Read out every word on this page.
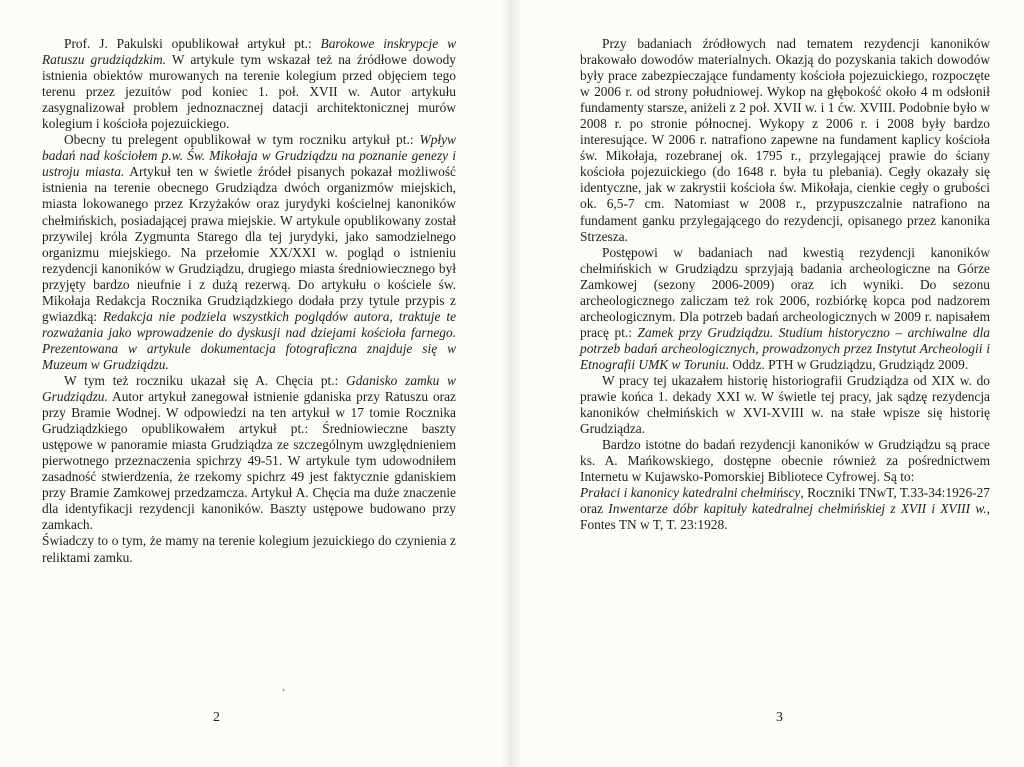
Prof. J. Pakulski opublikował artykuł pt.: Barokowe inskrypcje w Ratuszu grudziądzkim. W artykule tym wskazał też na źródłowe dowody istnienia obiektów murowanych na terenie kolegium przed objęciem tego terenu przez jezuitów pod koniec 1. poł. XVII w. Autor artykułu zasygnalizował problem jednoznacznej datacji architektonicznej murów kolegium i kościoła pojezuickiego.

Obecny tu prelegent opublikował w tym roczniku artykuł pt.: Wpływ badań nad kościołem p.w. Św. Mikołaja w Grudziądzu na poznanie genezy i ustroju miasta. Artykuł ten w świetle źródeł pisanych pokazał możliwość istnienia na terenie obecnego Grudziądza dwóch organizmów miejskich, miasta lokowanego przez Krzyżaków oraz jurydyki kościelnej kanoników chełmińskich, posiadającej prawa miejskie. W artykule opublikowany został przywilej króla Zygmunta Starego dla tej jurydyki, jako samodzielnego organizmu miejskiego. Na przełomie XX/XXI w. pogląd o istnieniu rezydencji kanoników w Grudziądzu, drugiego miasta średniowiecznego był przyjęty bardzo nieufnie i z dużą rezerwą. Do artykułu o kościele św. Mikołaja Redakcja Rocznika Grudziądzkiego dodała przy tytule przypis z gwiazdką: Redakcja nie podziela wszystkich poglądów autora, traktuje te rozważania jako wprowadzenie do dyskusji nad dziejami kościoła farnego. Prezentowana w artykule dokumentacja fotograficzna znajduje się w Muzeum w Grudziądzu.

W tym też roczniku ukazał się A. Chęcia pt.: Gdanisko zamku w Grudziądzu. Autor artykuł zanegował istnienie gdaniska przy Ratuszu oraz przy Bramie Wodnej. W odpowiedzi na ten artykuł w 17 tomie Rocznika Grudziądzkiego opublikowałem artykuł pt.: Średniowieczne baszty ustępowe w panoramie miasta Grudziądza ze szczególnym uwzględnieniem pierwotnego przeznaczenia spichrzy 49-51. W artykule tym udowodniłem zasadność stwierdzenia, że rzekomy spichrz 49 jest faktycznie gdaniskiem przy Bramie Zamkowej przedzamcza. Artykuł A. Chęcia ma duże znaczenie dla identyfikacji rezydencji kanoników. Baszty ustępowe budowano przy zamkach.

Świadczy to o tym, że mamy na terenie kolegium jezuickiego do czynienia z reliktami zamku.

2

Przy badaniach źródłowych nad tematem rezydencji kanoników brakowało dowodów materialnych. Okazją do pozyskania takich dowodów były prace zabezpieczające fundamenty kościoła pojezuickiego, rozpoczęte w 2006 r. od strony południowej. Wykop na głębokość około 4 m odsłonił fundamenty starsze, aniżeli z 2 poł. XVII w. i 1 ćw. XVIII. Podobnie było w 2008 r. po stronie północnej. Wykopy z 2006 r. i 2008 były bardzo interesujące. W 2006 r. natrafiono zapewne na fundament kaplicy kościoła św. Mikołaja, rozebranej ok. 1795 r., przylegającej prawie do ściany kościoła pojezuickiego (do 1648 r. była tu plebania). Cegły okazały się identyczne, jak w zakrystii kościoła św. Mikołaja, cienkie cegły o grubości ok. 6,5-7 cm. Natomiast w 2008 r., przypuszczalnie natrafiono na fundament ganku przylegającego do rezydencji, opisanego przez kanonika Strzesza.

Postępowi w badaniach nad kwestią rezydencji kanoników chełmińskich w Grudziądzu sprzyjają badania archeologiczne na Górze Zamkowej (sezony 2006-2009) oraz ich wyniki. Do sezonu archeologicznego zaliczam też rok 2006, rozbiórkę kopca pod nadzorem archeologicznym. Dla potrzeb badań archeologicznych w 2009 r. napisałem pracę pt.: Zamek przy Grudziądzu. Studium historyczno – archiwalne dla potrzeb badań archeologicznych, prowadzonych przez Instytut Archeologii i Etnografii UMK w Toruniu. Oddz. PTH w Grudziądzu, Grudziądz 2009.

W pracy tej ukazałem historię historiografii Grudziądza od XIX w. do prawie końca 1. dekady XXI w. W świetle tej pracy, jak sądzę rezydencja kanoników chełmińskich w XVI-XVIII w. na stałe wpisze się historię Grudziądza.

Bardzo istotne do badań rezydencji kanoników w Grudziądzu są prace ks. A. Mańkowskiego, dostępne obecnie również za pośrednictwem Internetu w Kujawsko-Pomorskiej Bibliotece Cyfrowej. Są to:
Prałaci i kanonicy katedralni chełmińscy, Roczniki TNwT, T.33-34:1926-27 oraz Inwentarze dóbr kapituły katedralnej chełmińskiej z XVII i XVIII w., Fontes TN w T, T. 23:1928.

3
˛
